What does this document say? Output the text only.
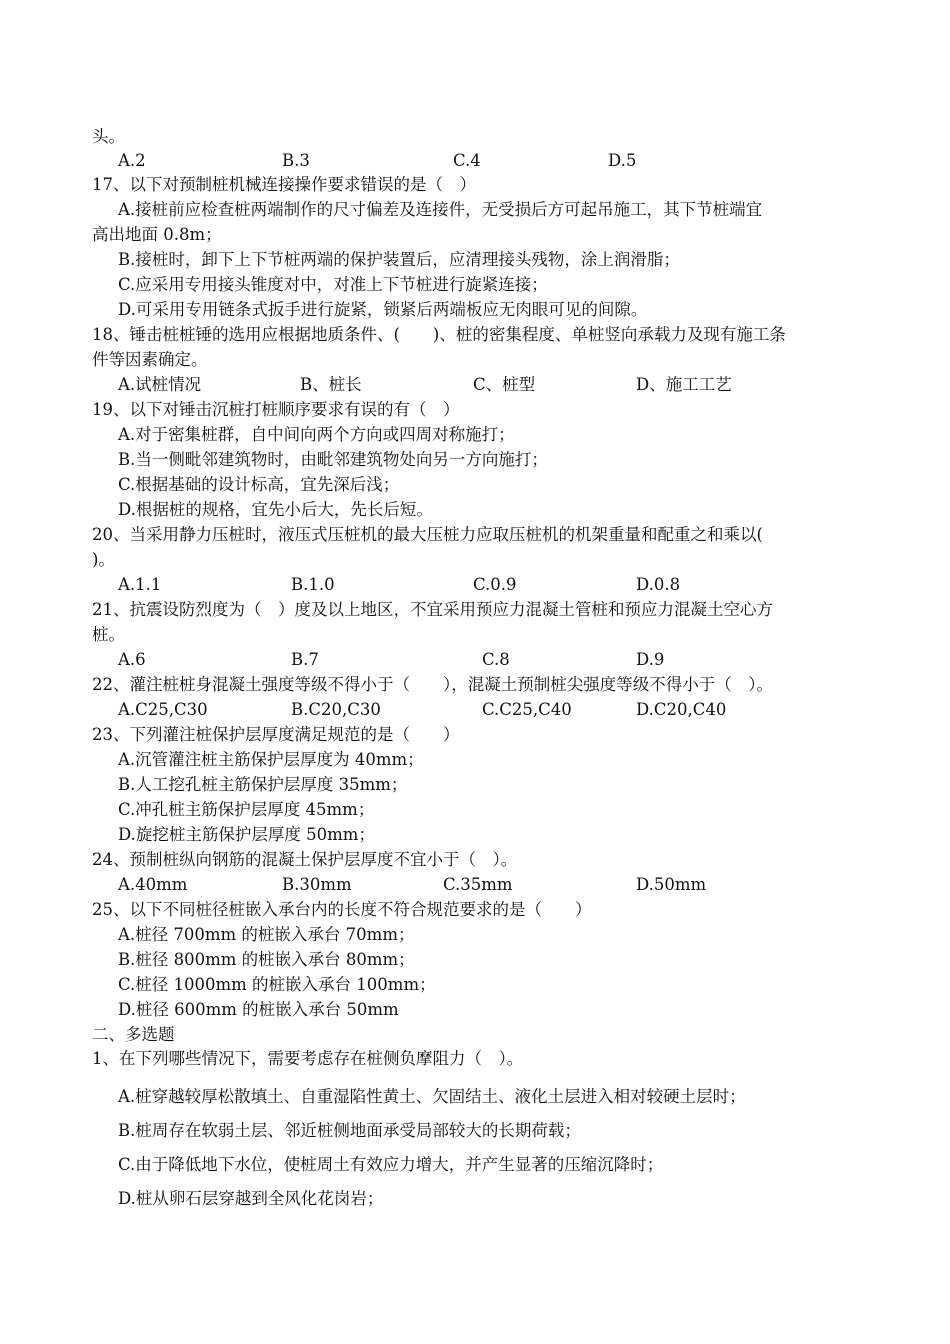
头。
A.2	B.3	C.4	D.5
17、以下对预制桩机械连接操作要求错误的是（　）
A.接桩前应检查桩两端制作的尺寸偏差及连接件，无受损后方可起吊施工，其下节桩端宜
高出地面 0.8m；
B.接桩时，卸下上下节桩两端的保护装置后，应清理接头残物，涂上润滑脂；
C.应采用专用接头锥度对中，对准上下节桩进行旋紧连接；
D.可采用专用链条式扳手进行旋紧，锁紧后两端板应无肉眼可见的间隙。
18、锤击桩桩锤的选用应根据地质条件、(　　)、桩的密集程度、单桩竖向承载力及现有施工条
件等因素确定。
A.试桩情况	B、桩长	C、桩型	D、施工工艺
19、以下对锤击沉桩打桩顺序要求有误的有（　）
A.对于密集桩群，自中间向两个方向或四周对称施打；
B.当一侧毗邻建筑物时，由毗邻建筑物处向另一方向施打；
C.根据基础的设计标高，宜先深后浅；
D.根据桩的规格，宜先小后大，先长后短。
20、当采用静力压桩时，液压式压桩机的最大压桩力应取压桩机的机架重量和配重之和乘以(
)。
A.1.1	B.1.0	C.0.9	D.0.8
21、抗震设防烈度为（　）度及以上地区，不宜采用预应力混凝土管桩和预应力混凝土空心方
桩。
A.6	B.7	C.8	D.9
22、灌注桩桩身混凝土强度等级不得小于（　　），混凝土预制桩尖强度等级不得小于（　）。
A.C25,C30	B.C20,C30	C.C25,C40	D.C20,C40
23、下列灌注桩保护层厚度满足规范的是（　　）
A.沉管灌注桩主筋保护层厚度为 40mm；
B.人工挖孔桩主筋保护层厚度 35mm；
C.冲孔桩主筋保护层厚度 45mm；
D.旋挖桩主筋保护层厚度 50mm；
24、预制桩纵向钢筋的混凝土保护层厚度不宜小于（　）。
A.40mm	B.30mm	C.35mm	D.50mm
25、以下不同桩径桩嵌入承台内的长度不符合规范要求的是（　　）
A.桩径 700mm 的桩嵌入承台 70mm；
B.桩径 800mm 的桩嵌入承台 80mm；
C.桩径 1000mm 的桩嵌入承台 100mm；
D.桩径 600mm 的桩嵌入承台 50mm
二、多选题
1、在下列哪些情况下，需要考虑存在桩侧负摩阻力（　）。
A.桩穿越较厚松散填土、自重湿陷性黄土、欠固结土、液化土层进入相对较硬土层时；
B.桩周存在软弱土层、邻近桩侧地面承受局部较大的长期荷载；
C.由于降低地下水位，使桩周土有效应力增大，并产生显著的压缩沉降时；
D.桩从卵石层穿越到全风化花岗岩；
